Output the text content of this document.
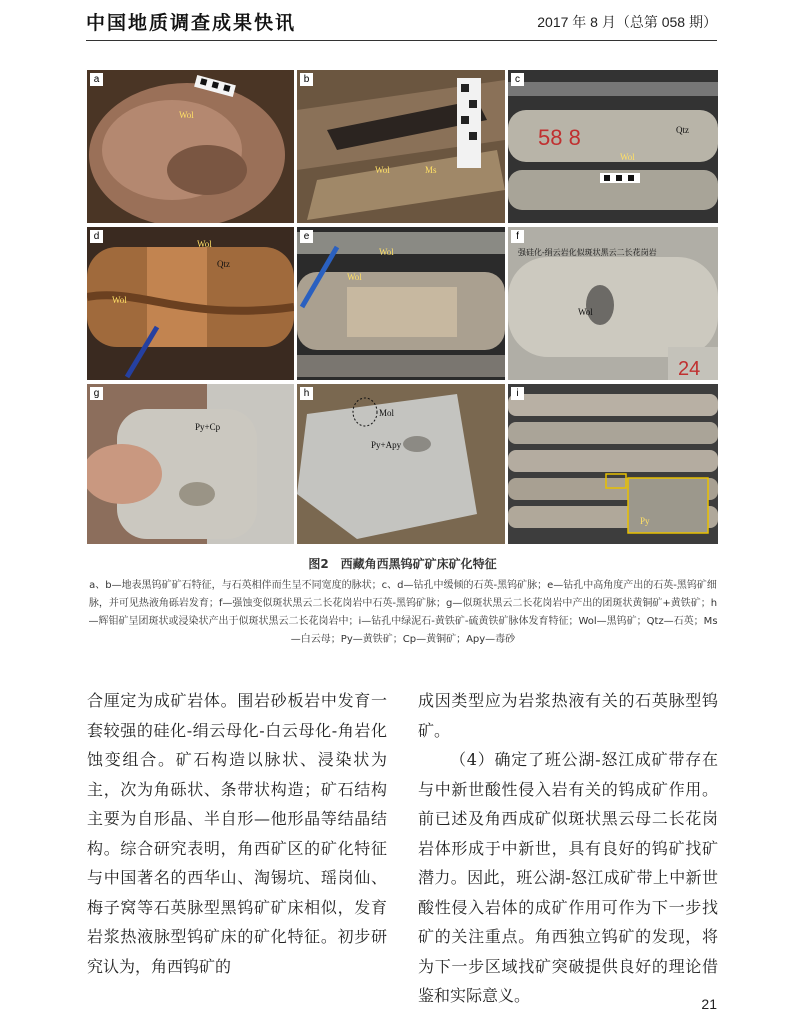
中国地质调查成果快讯	2017 年 8 月（总第 058 期）
a
Wol
b
Wol	Ms
58 8
c
Qtz
Wol
d
Wol
Qtz
Wol
e
Wol
Wol
24
f
强硅化-绢云岩化似斑状黑云二长花岗岩
Wol
g
Py+Cp
h
Mol
Py+Apy
i
Py
图2　西藏角西黑钨矿矿床矿化特征
a、b—地表黑钨矿矿石特征，与石英相伴而生呈不同宽度的脉状；c、d—钻孔中缓倾的石英-黑钨矿脉；e—钻孔中高角度产出的石英-黑钨矿细脉，并可见热液角砾岩发育；f—强蚀变似斑状黑云二长花岗岩中石英-黑钨矿脉；g—似斑状黑云二长花岗岩中产出的团斑状黄铜矿+黄铁矿；h—辉钼矿呈团斑状或浸染状产出于似斑状黑云二长花岗岩中；i—钻孔中绿泥石-黄铁矿-硫黄铁矿脉体发育特征；Wol—黑钨矿；Qtz—石英；Ms—白云母；Py—黄铁矿；Cp—黄铜矿；Apy—毒砂

合厘定为成矿岩体。围岩砂板岩中发育一套较强的硅化-绢云母化-白云母化-角岩化蚀变组合。矿石构造以脉状、浸染状为主，次为角砾状、条带状构造；矿石结构主要为自形晶、半自形—他形晶等结晶结构。综合研究表明，角西矿区的矿化特征与中国著名的西华山、淘锡坑、瑶岗仙、梅子窝等石英脉型黑钨矿矿床相似，发育岩浆热液脉型钨矿床的矿化特征。初步研究认为，角西钨矿的

成因类型应为岩浆热液有关的石英脉型钨矿。

（4）确定了班公湖-怒江成矿带存在与中新世酸性侵入岩有关的钨成矿作用。前已述及角西成矿似斑状黑云母二长花岗岩体形成于中新世，具有良好的钨矿找矿潜力。因此，班公湖-怒江成矿带上中新世酸性侵入岩体的成矿作用可作为下一步找矿的关注重点。角西独立钨矿的发现，将为下一步区域找矿突破提供良好的理论借鉴和实际意义。	21
